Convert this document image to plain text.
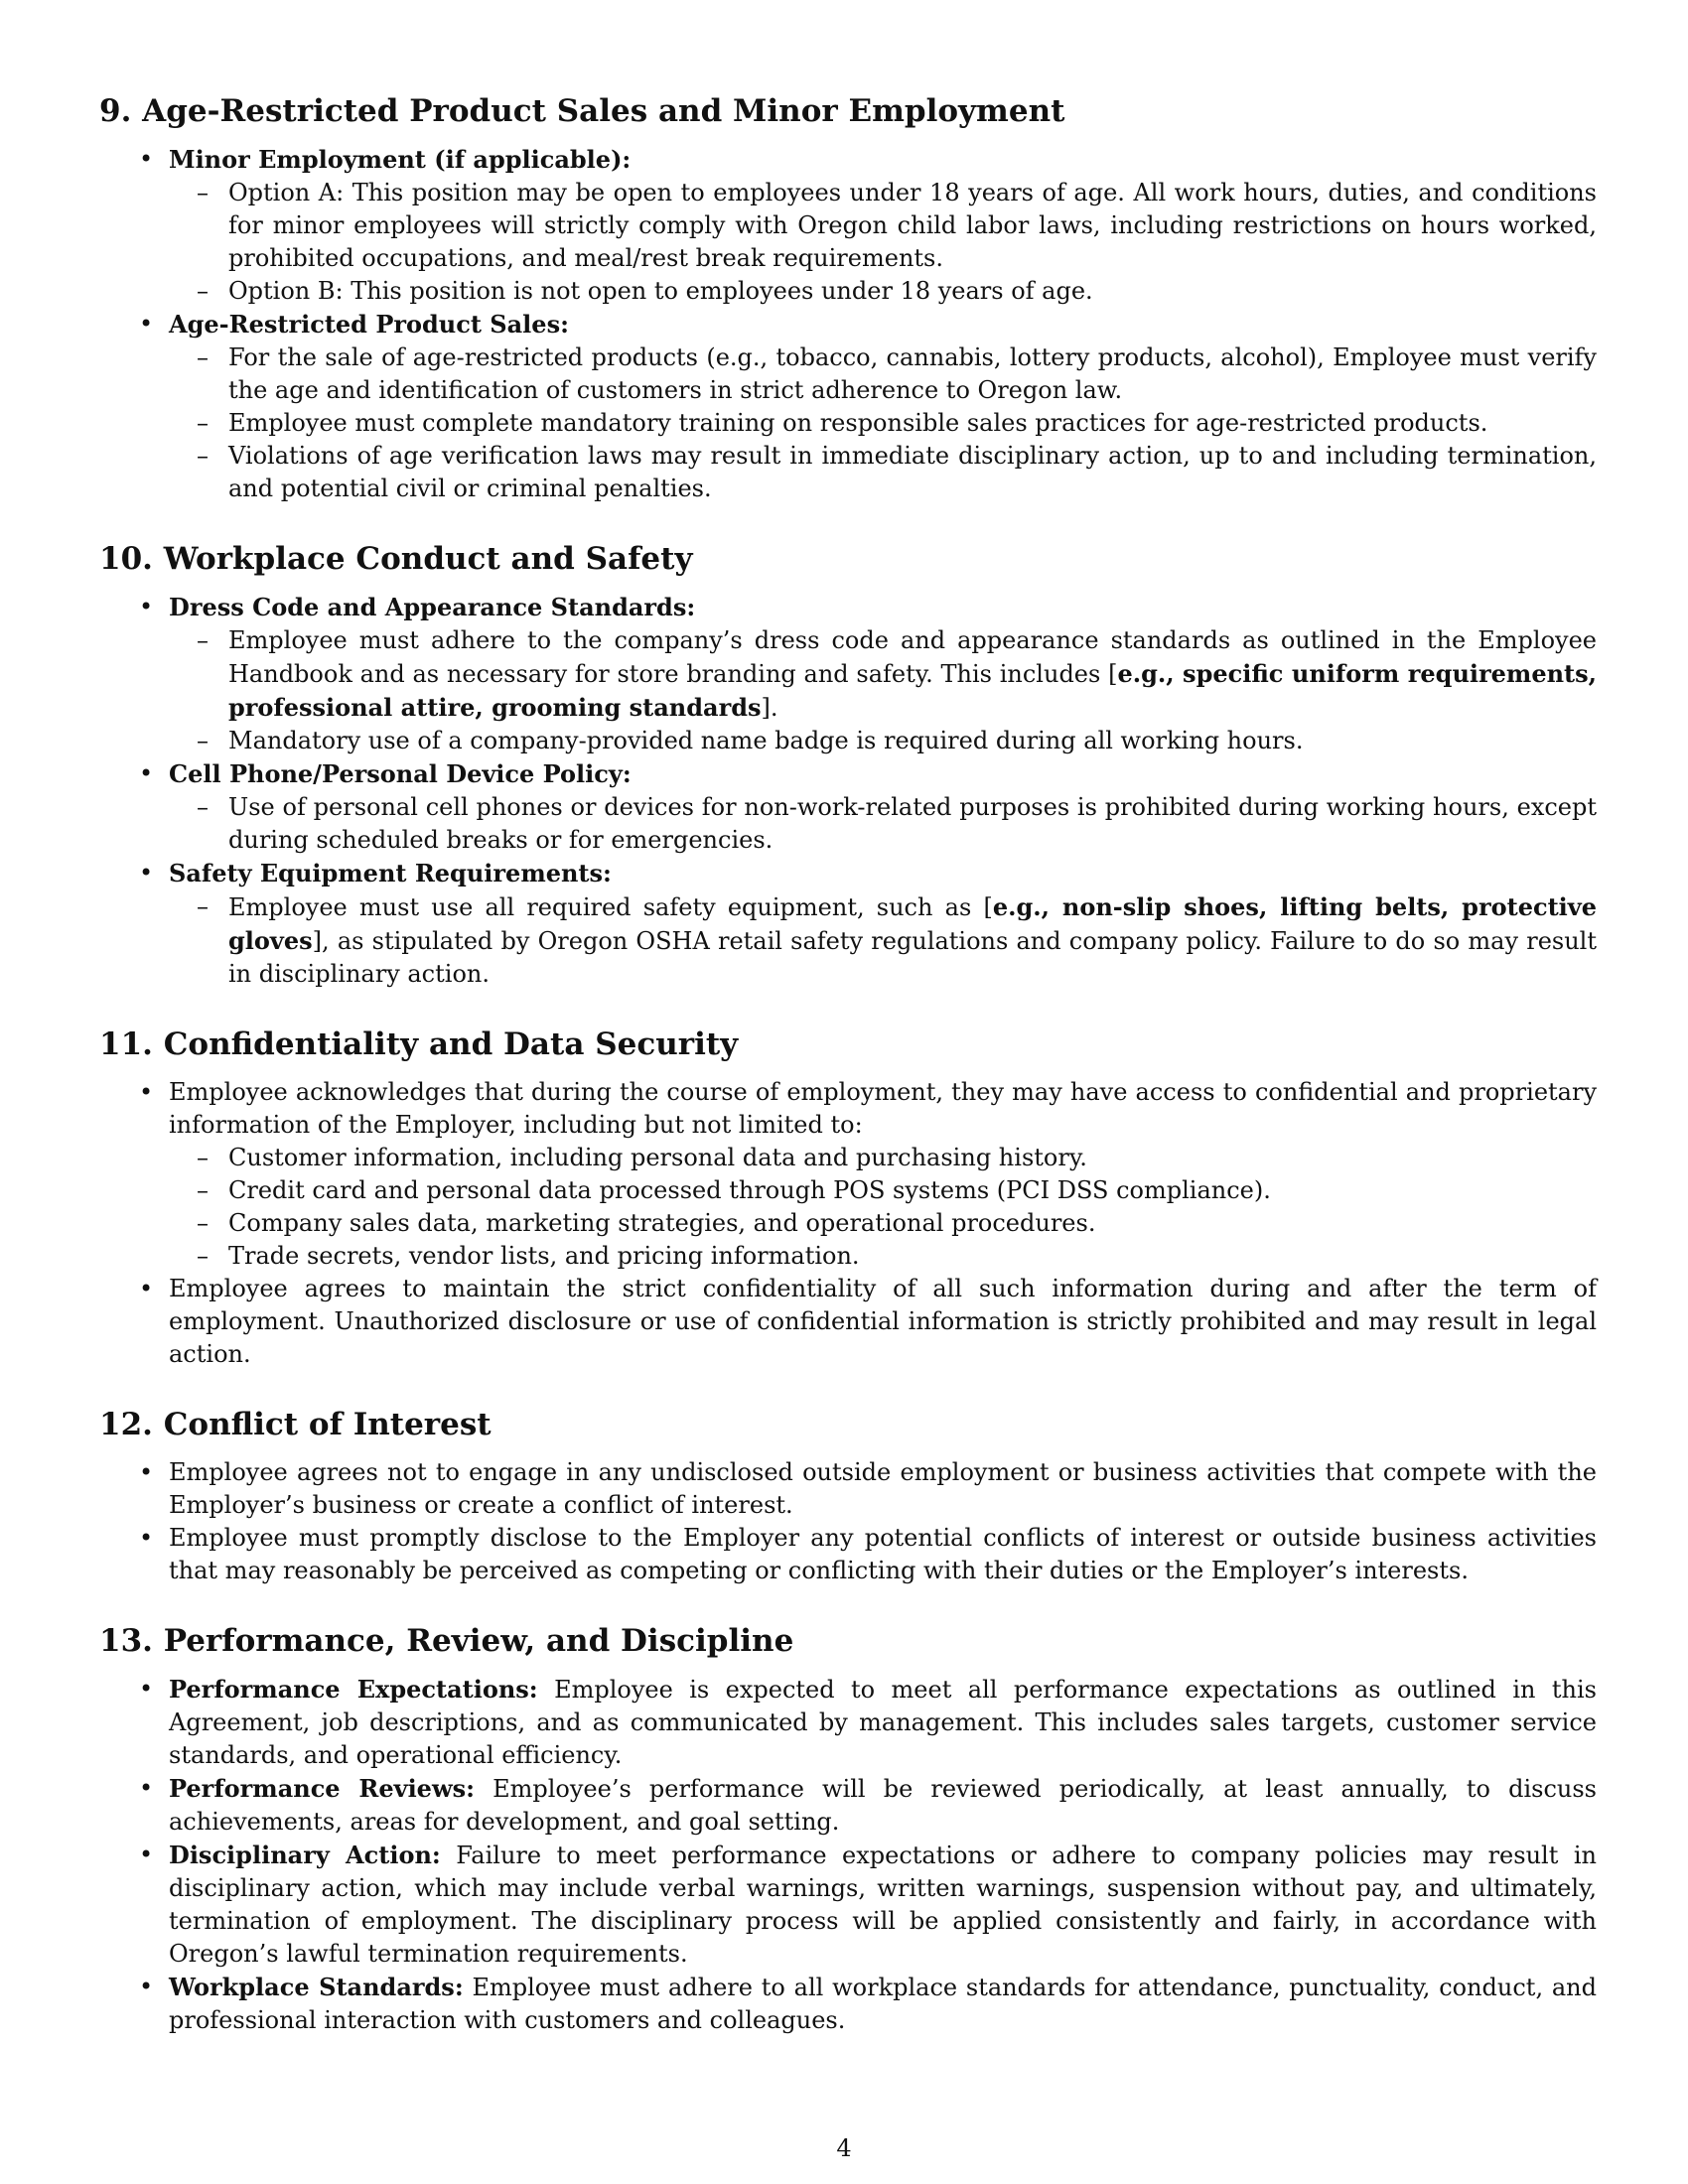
9. Age-Restricted Product Sales and Minor Employment
• Minor Employment (if applicable):
– Option A: This position may be open to employees under 18 years of age. All work hours, duties, and conditions for minor employees will strictly comply with Oregon child labor laws, including restrictions on hours worked, prohibited occupations, and meal/rest break requirements.
– Option B: This position is not open to employees under 18 years of age.
• Age-Restricted Product Sales:
– For the sale of age-restricted products (e.g., tobacco, cannabis, lottery products, alcohol), Employee must verify the age and identification of customers in strict adherence to Oregon law.
– Employee must complete mandatory training on responsible sales practices for age-restricted products.
– Violations of age verification laws may result in immediate disciplinary action, up to and including termination, and potential civil or criminal penalties.
10. Workplace Conduct and Safety
• Dress Code and Appearance Standards:
– Employee must adhere to the company’s dress code and appearance standards as outlined in the Employee Handbook and as necessary for store branding and safety. This includes [e.g., specific uniform requirements, professional attire, grooming standards].
– Mandatory use of a company-provided name badge is required during all working hours.
• Cell Phone/Personal Device Policy:
– Use of personal cell phones or devices for non-work-related purposes is prohibited during working hours, except during scheduled breaks or for emergencies.
• Safety Equipment Requirements:
– Employee must use all required safety equipment, such as [e.g., non-slip shoes, lifting belts, protective gloves], as stipulated by Oregon OSHA retail safety regulations and company policy. Failure to do so may result in disciplinary action.
11. Confidentiality and Data Security
• Employee acknowledges that during the course of employment, they may have access to confidential and proprietary information of the Employer, including but not limited to:
– Customer information, including personal data and purchasing history.
– Credit card and personal data processed through POS systems (PCI DSS compliance).
– Company sales data, marketing strategies, and operational procedures.
– Trade secrets, vendor lists, and pricing information.
• Employee agrees to maintain the strict confidentiality of all such information during and after the term of employment. Unauthorized disclosure or use of confidential information is strictly prohibited and may result in legal action.
12. Conflict of Interest
• Employee agrees not to engage in any undisclosed outside employment or business activities that compete with the Employer’s business or create a conflict of interest.
• Employee must promptly disclose to the Employer any potential conflicts of interest or outside business activities that may reasonably be perceived as competing or conflicting with their duties or the Employer’s interests.
13. Performance, Review, and Discipline
• Performance Expectations: Employee is expected to meet all performance expectations as outlined in this Agreement, job descriptions, and as communicated by management. This includes sales targets, customer service standards, and operational efficiency.
• Performance Reviews: Employee’s performance will be reviewed periodically, at least annually, to discuss achievements, areas for development, and goal setting.
• Disciplinary Action: Failure to meet performance expectations or adhere to company policies may result in disciplinary action, which may include verbal warnings, written warnings, suspension without pay, and ultimately, termination of employment. The disciplinary process will be applied consistently and fairly, in accordance with Oregon’s lawful termination requirements.
• Workplace Standards: Employee must adhere to all workplace standards for attendance, punctuality, conduct, and professional interaction with customers and colleagues.
4
